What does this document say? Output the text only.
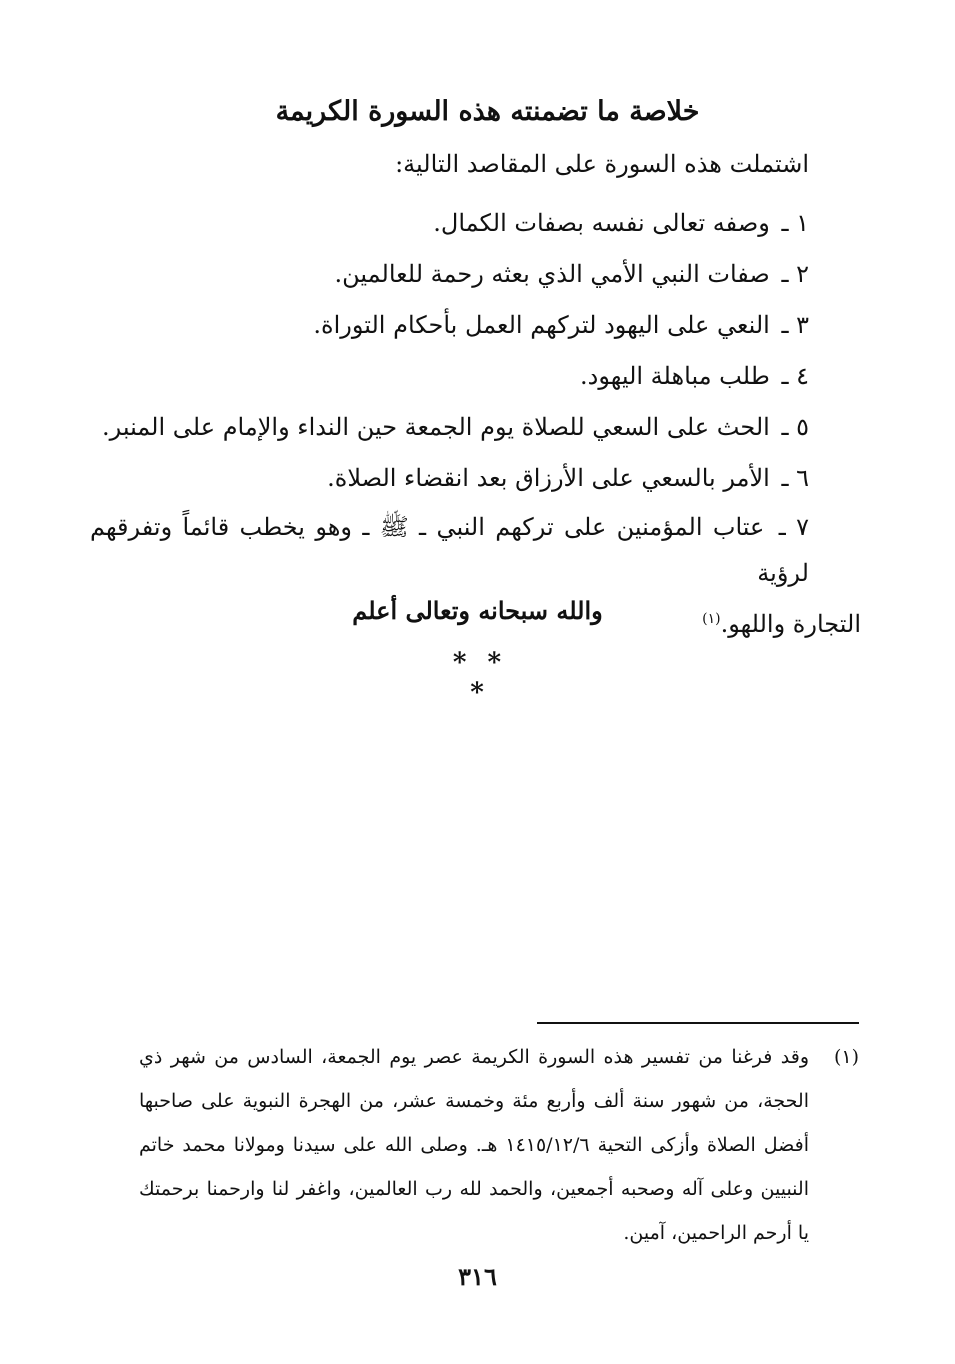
خلاصة ما تضمنته هذه السورة الكريمة
اشتملت هذه السورة على المقاصد التالية:
١ ـ وصفه تعالى نفسه بصفات الكمال.
٢ ـ صفات النبي الأمي الذي بعثه رحمة للعالمين.
٣ ـ النعي على اليهود لتركهم العمل بأحكام التوراة.
٤ ـ طلب مباهلة اليهود.
٥ ـ الحث على السعي للصلاة يوم الجمعة حين النداء والإمام على المنبر.
٦ ـ الأمر بالسعي على الأرزاق بعد انقضاء الصلاة.
٧ ـ عتاب المؤمنين على تركهم النبي ـ ﷺ ـ وهو يخطب قائماً وتفرقهم لرؤية
التجارة واللهو.$^{(١)}$
والله سبحانه وتعالى أعلم
* * *
(١)
وقد فرغنا من تفسير هذه السورة الكريمة عصر يوم الجمعة، السادس من شهر ذي الحجة، من شهور سنة ألف وأربع مئة وخمسة عشر، من الهجرة النبوية على صاحبها أفضل الصلاة وأزكى التحية ١٤١٥/١٢/٦ هـ. وصلى الله على سيدنا ومولانا محمد خاتم النبيين وعلى آله وصحبه أجمعين، والحمد لله رب العالمين، واغفر لنا وارحمنا برحمتك يا أرحم الراحمين، آمين.
٣١٦
